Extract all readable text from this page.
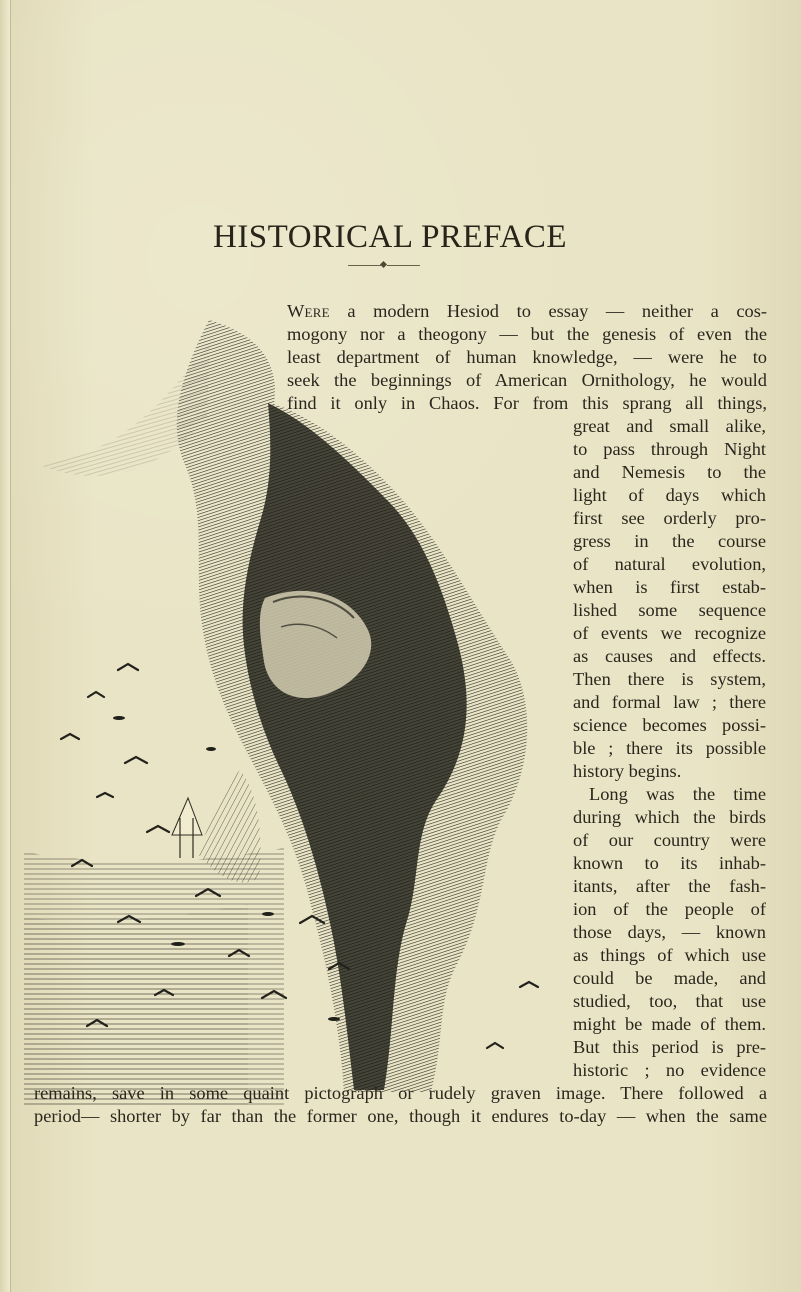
HISTORICAL PREFACE
Were a modern Hesiod to essay — neither a cos-
mogony nor a theogony — but the genesis of even the
least department of human knowledge, — were he to
seek the beginnings of American Ornithology, he would
find it only in Chaos. For from this sprang all things,
great and small alike,
to pass through Night
and Nemesis to the
light of days which
first see orderly pro-
gress in the course
of natural evolution,
when is first estab-
lished some sequence
of events we recognize
as causes and effects.
Then there is system,
and formal law ; there
science becomes possi-
ble ; there its possible
history begins.
Long was the time
during which the birds
of our country were
known to its inhab-
itants, after the fash-
ion of the people of
those days, — known
as things of which use
could be made, and
studied, too, that use
might be made of them.
But this period is pre-
historic ; no evidence
remains, save in some quaint pictograph or rudely graven image. There followed a
period— shorter by far than the former one, though it endures to-day — when the same
